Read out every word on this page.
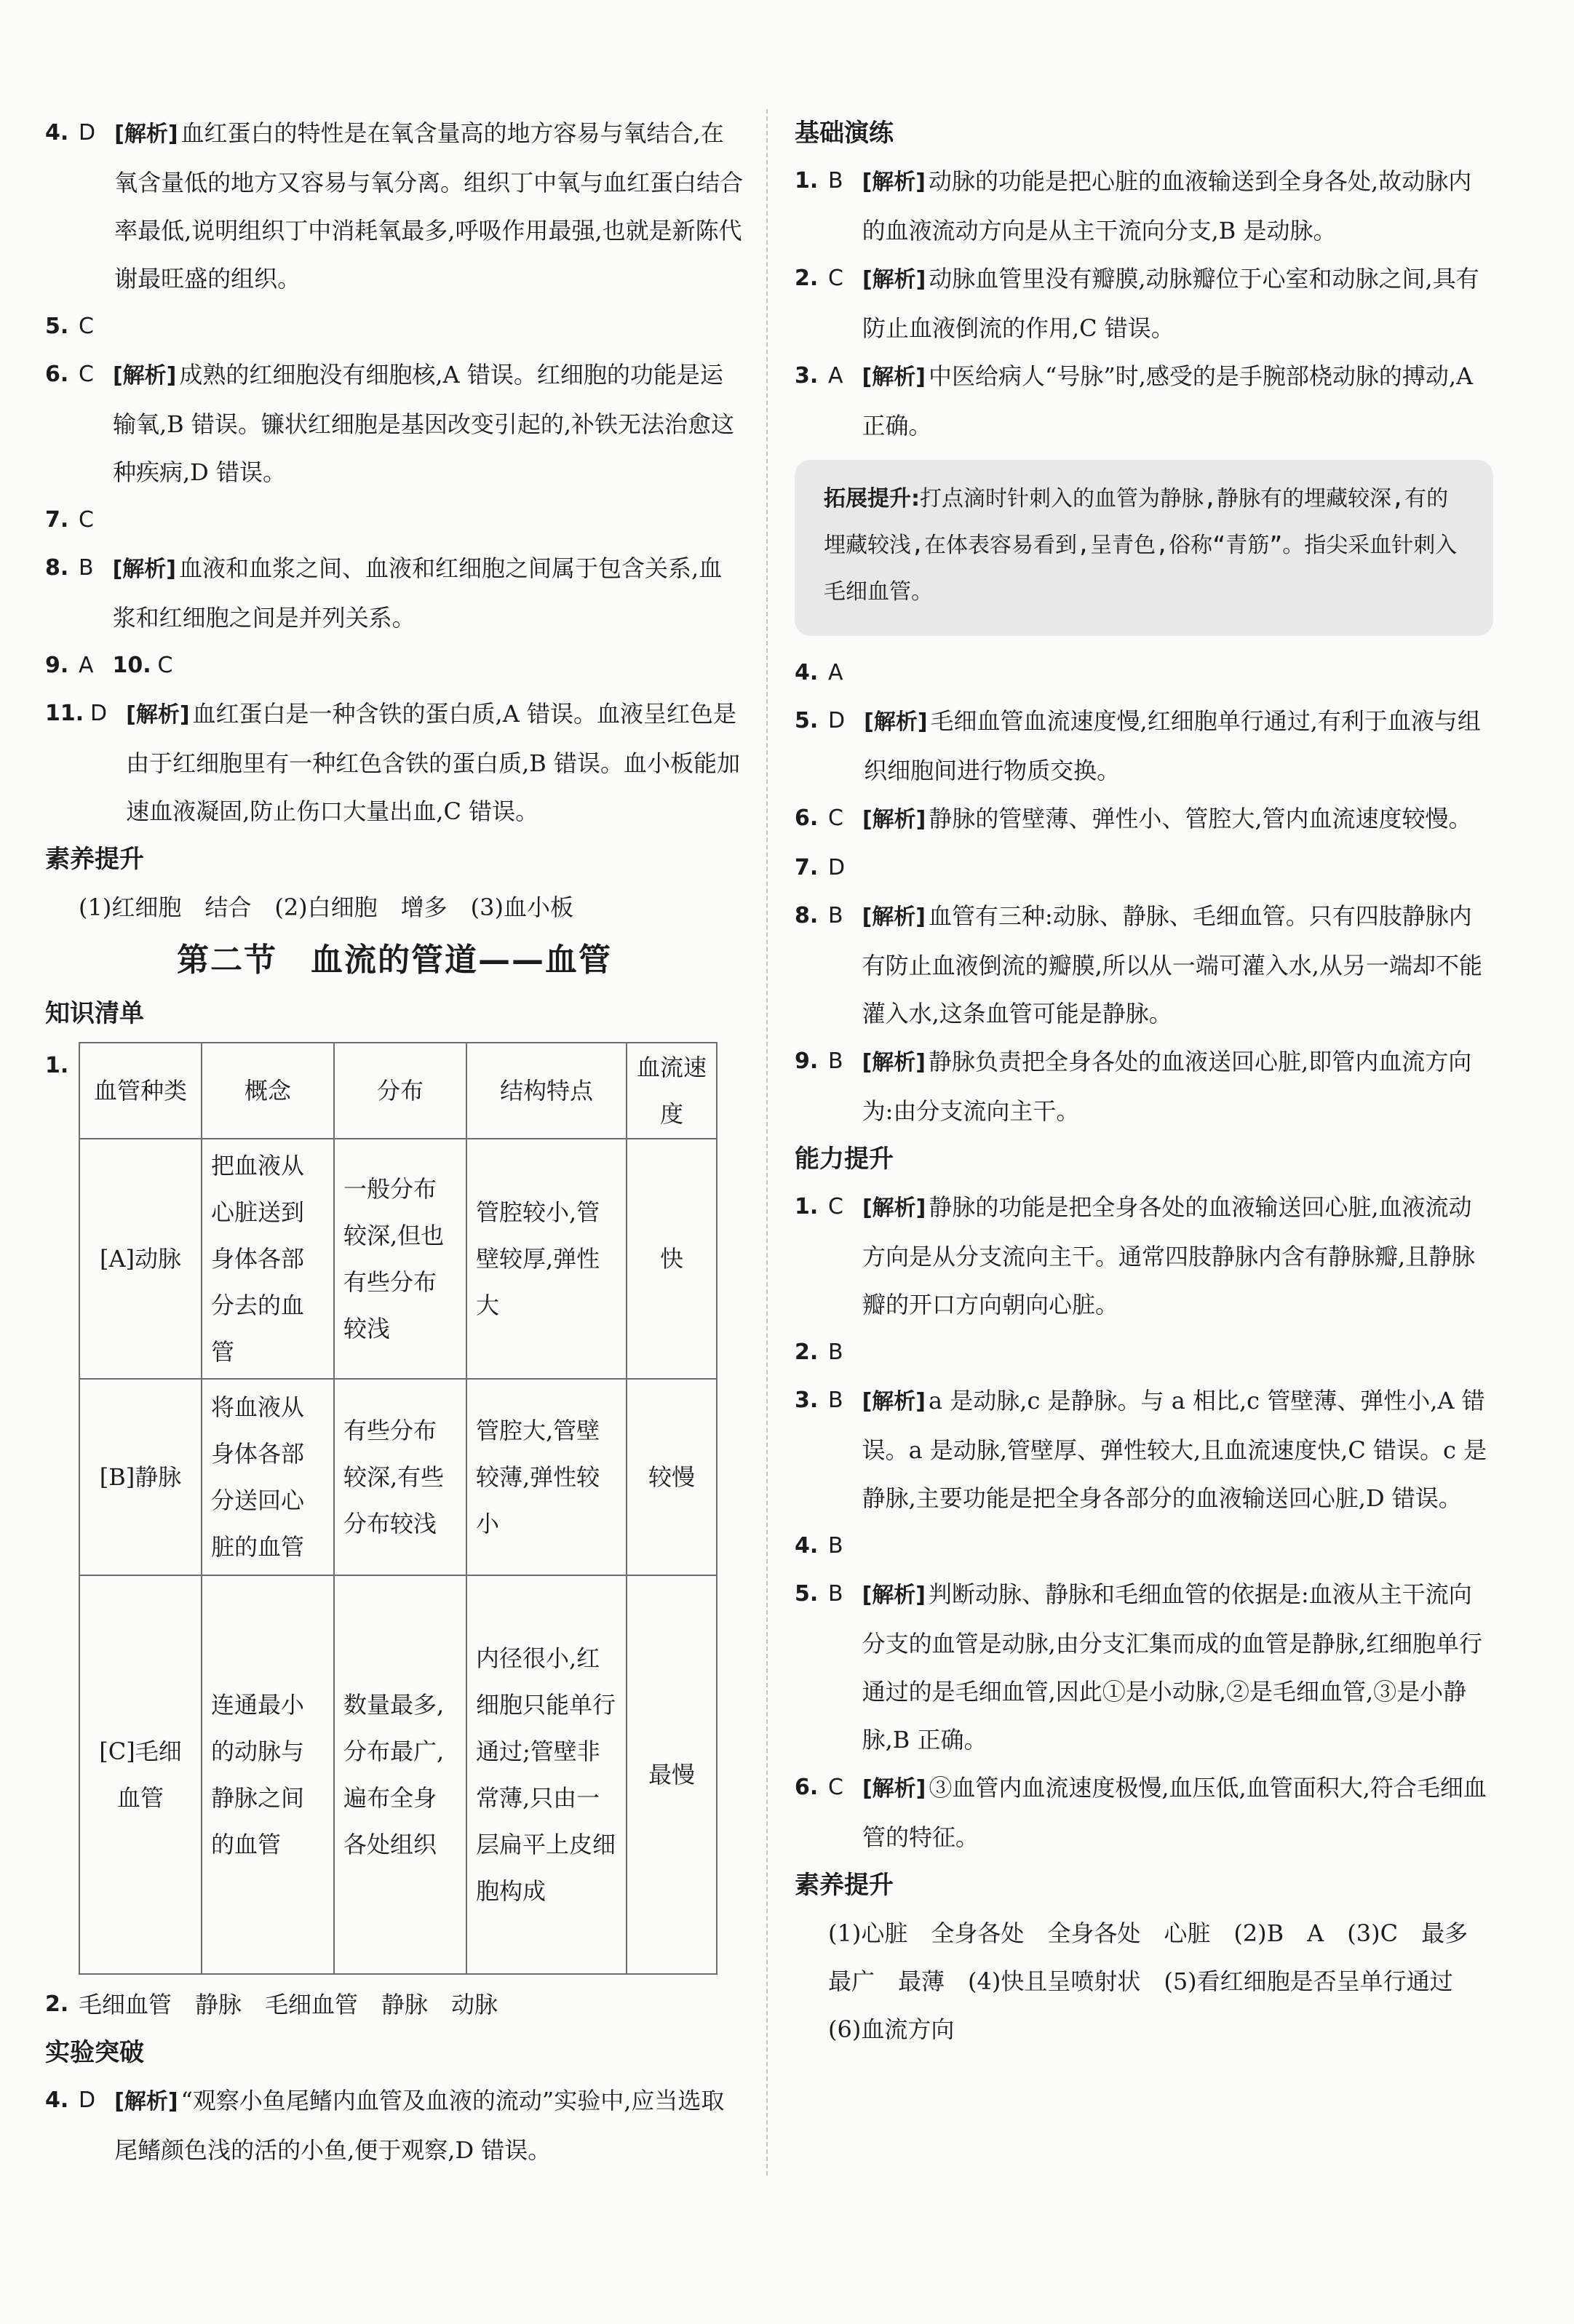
4. D [解析] 血红蛋白的特性是在氧含量高的地方容易与氧结合,在氧含量低的地方又容易与氧分离。组织丁中氧与血红蛋白结合率最低,说明组织丁中消耗氧最多,呼吸作用最强,也就是新陈代谢最旺盛的组织。
5. C
6. C [解析] 成熟的红细胞没有细胞核,A 错误。红细胞的功能是运输氧,B 错误。镰状红细胞是基因改变引起的,补铁无法治愈这种疾病,D 错误。
7. C
8. B [解析] 血液和血浆之间、血液和红细胞之间属于包含关系,血浆和红细胞之间是并列关系。
9. A 10. C
11. D [解析] 血红蛋白是一种含铁的蛋白质,A 错误。血液呈红色是由于红细胞里有一种红色含铁的蛋白质,B 错误。血小板能加速血液凝固,防止伤口大量出血,C 错误。
素养提升
(1)红细胞　结合　(2)白细胞　增多　(3)血小板
第二节　血流的管道——血管
知识清单
1.
血管种类	概念	分布	结构特点	血流速度
[A]动脉	把血液从心脏送到身体各部分去的血管	一般分布较深,但也有些分布较浅	管腔较小,管壁较厚,弹性大	快
[B]静脉	将血液从身体各部分送回心脏的血管	有些分布较深,有些分布较浅	管腔大,管壁较薄,弹性较小	较慢
[C]毛细血管	连通最小的动脉与静脉之间的血管	数量最多,分布最广,遍布全身各处组织	内径很小,红细胞只能单行通过;管壁非常薄,只由一层扁平上皮细胞构成	最慢
2. 毛细血管　静脉　毛细血管　静脉　动脉
实验突破
4. D [解析] “观察小鱼尾鳍内血管及血液的流动”实验中,应当选取尾鳍颜色浅的活的小鱼,便于观察,D 错误。
基础演练
1. B [解析] 动脉的功能是把心脏的血液输送到全身各处,故动脉内的血液流动方向是从主干流向分支,B 是动脉。
2. C [解析] 动脉血管里没有瓣膜,动脉瓣位于心室和动脉之间,具有防止血液倒流的作用,C 错误。
3. A [解析] 中医给病人“号脉”时,感受的是手腕部桡动脉的搏动,A 正确。
拓展提升:打点滴时针刺入的血管为静脉,静脉有的埋藏较深,有的埋藏较浅,在体表容易看到,呈青色,俗称“青筋”。指尖采血针刺入毛细血管。
4. A
5. D [解析] 毛细血管血流速度慢,红细胞单行通过,有利于血液与组织细胞间进行物质交换。
6. C [解析] 静脉的管壁薄、弹性小、管腔大,管内血流速度较慢。
7. D
8. B [解析] 血管有三种:动脉、静脉、毛细血管。只有四肢静脉内有防止血液倒流的瓣膜,所以从一端可灌入水,从另一端却不能灌入水,这条血管可能是静脉。
9. B [解析] 静脉负责把全身各处的血液送回心脏,即管内血流方向为:由分支流向主干。
能力提升
1. C [解析] 静脉的功能是把全身各处的血液输送回心脏,血液流动方向是从分支流向主干。通常四肢静脉内含有静脉瓣,且静脉瓣的开口方向朝向心脏。
2. B
3. B [解析] a 是动脉,c 是静脉。与 a 相比,c 管壁薄、弹性小,A 错误。a 是动脉,管壁厚、弹性较大,且血流速度快,C 错误。c 是静脉,主要功能是把全身各部分的血液输送回心脏,D 错误。
4. B
5. B [解析] 判断动脉、静脉和毛细血管的依据是:血液从主干流向分支的血管是动脉,由分支汇集而成的血管是静脉,红细胞单行通过的是毛细血管,因此①是小动脉,②是毛细血管,③是小静脉,B 正确。
6. C [解析] ③血管内血流速度极慢,血压低,血管面积大,符合毛细血管的特征。
素养提升
(1)心脏　全身各处　全身各处　心脏　(2)B　A　(3)C　最多　最广　最薄　(4)快且呈喷射状　(5)看红细胞是否呈单行通过　(6)血流方向
